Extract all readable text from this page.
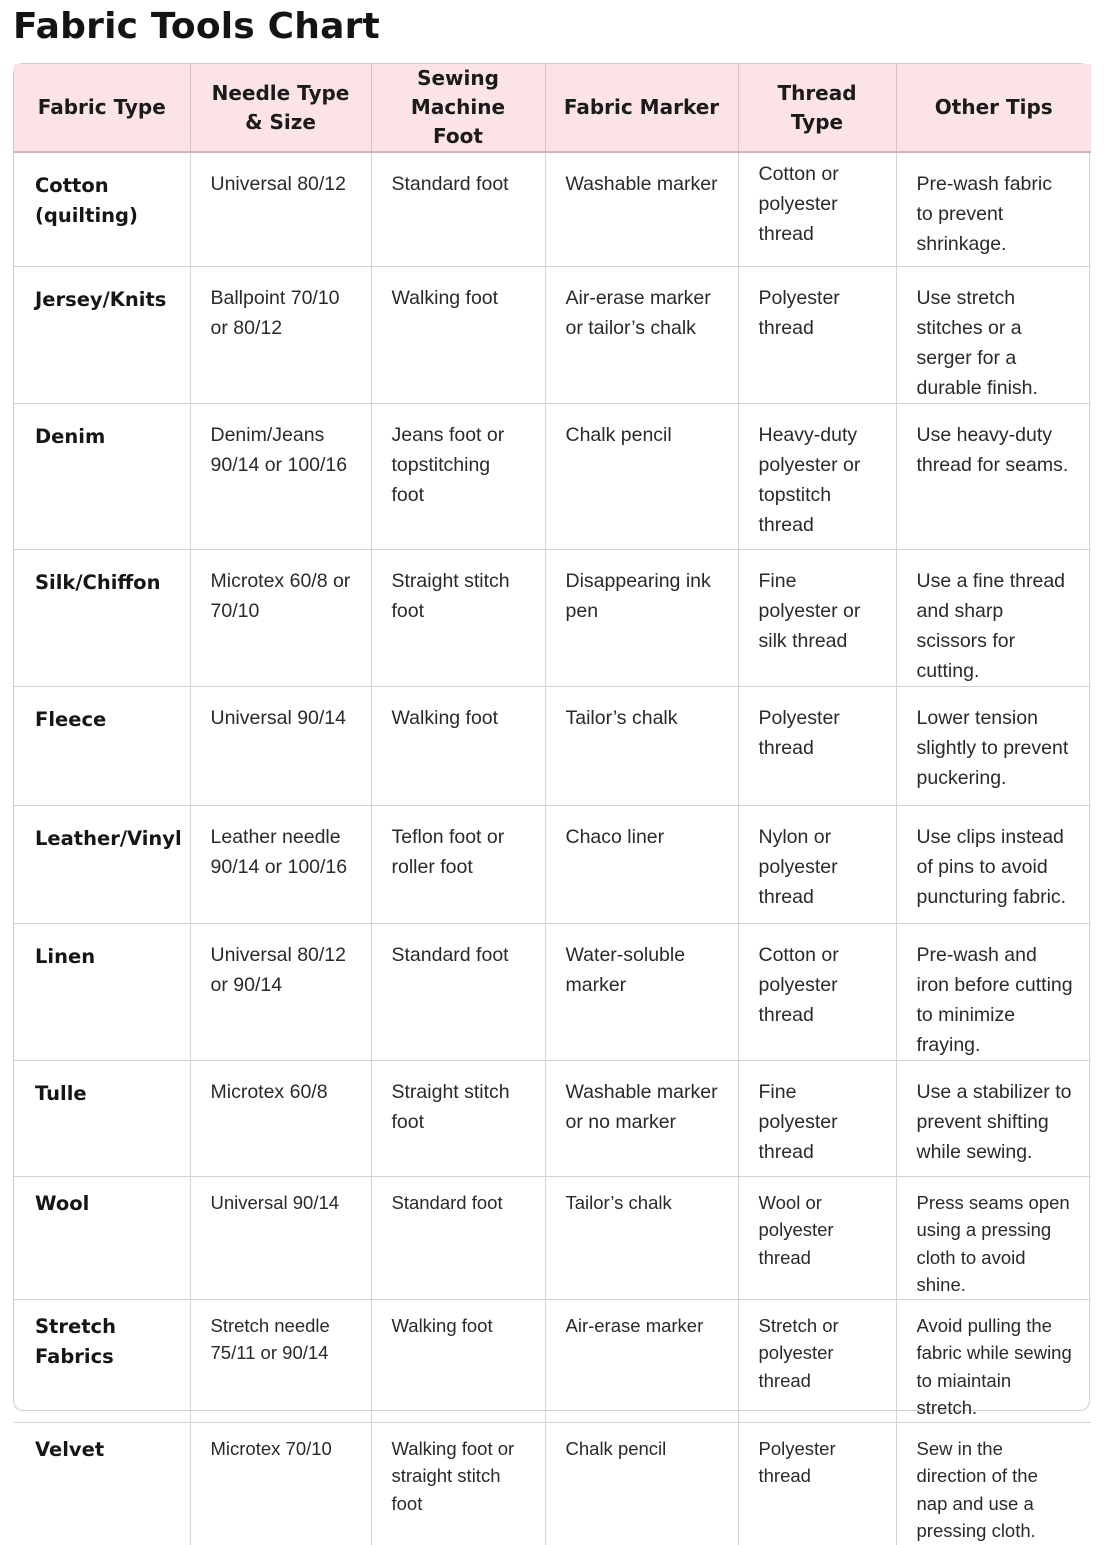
Fabric Tools Chart
Fabric Type	Needle Type & Size	Sewing Machine Foot	Fabric Marker	Thread Type	Other Tips
Cotton (quilting)	Universal 80/12	Standard foot	Washable marker	Cotton or polyester thread	Pre-wash fabric to prevent shrinkage.
Jersey/Knits	Ballpoint 70/10 or 80/12	Walking foot	Air-erase marker or tailor’s chalk	Polyester thread	Use stretch stitches or a serger for a durable finish.
Denim	Denim/Jeans 90/14 or 100/16	Jeans foot or topstitching foot	Chalk pencil	Heavy-duty polyester or topstitch thread	Use heavy-duty thread for seams.
Silk/Chiffon	Microtex 60/8 or 70/10	Straight stitch foot	Disappearing ink pen	Fine polyester or silk thread	Use a fine thread and sharp scissors for cutting.
Fleece	Universal 90/14	Walking foot	Tailor’s chalk	Polyester thread	Lower tension slightly to prevent puckering.
Leather/Vinyl	Leather needle 90/14 or 100/16	Teflon foot or roller foot	Chaco liner	Nylon or polyester thread	Use clips instead of pins to avoid puncturing fabric.
Linen	Universal 80/12 or 90/14	Standard foot	Water-soluble marker	Cotton or polyester thread	Pre-wash and iron before cutting to minimize fraying.
Tulle	Microtex 60/8	Straight stitch foot	Washable marker or no marker	Fine polyester thread	Use a stabilizer to prevent shifting while sewing.
Wool	Universal 90/14	Standard foot	Tailor’s chalk	Wool or polyester thread	Press seams open using a pressing cloth to avoid shine.
Stretch Fabrics	Stretch needle 75/11 or 90/14	Walking foot	Air-erase marker	Stretch or polyester thread	Avoid pulling the fabric while sewing to miaintain stretch.
Velvet	Microtex 70/10	Walking foot or straight stitch foot	Chalk pencil	Polyester thread	Sew in the direction of the nap and use a pressing cloth.
